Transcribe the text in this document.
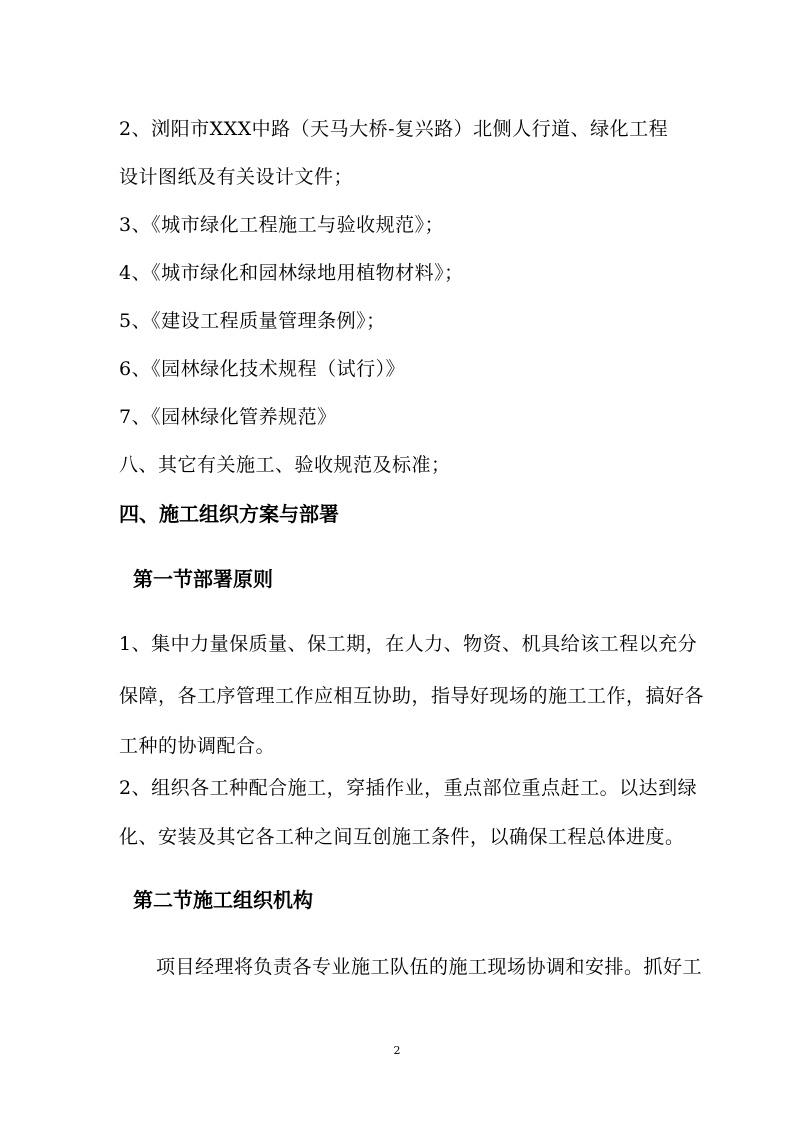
2、浏阳市XXX中路（天马大桥-复兴路）北侧人行道、绿化工程
设计图纸及有关设计文件；
3、《城市绿化工程施工与验收规范》；
4、《城市绿化和园林绿地用植物材料》；
5、《建设工程质量管理条例》；
6、《园林绿化技术规程（试行）》
7、《园林绿化管养规范》
八、其它有关施工、验收规范及标准；
四、施工组织方案与部署
第一节部署原则
1、集中力量保质量、保工期，在人力、物资、机具给该工程以充分
保障，各工序管理工作应相互协助，指导好现场的施工工作，搞好各
工种的协调配合。
2、组织各工种配合施工，穿插作业，重点部位重点赶工。以达到绿
化、安装及其它各工种之间互创施工条件，以确保工程总体进度。
第二节施工组织机构
项目经理将负责各专业施工队伍的施工现场协调和安排。抓好工
2
